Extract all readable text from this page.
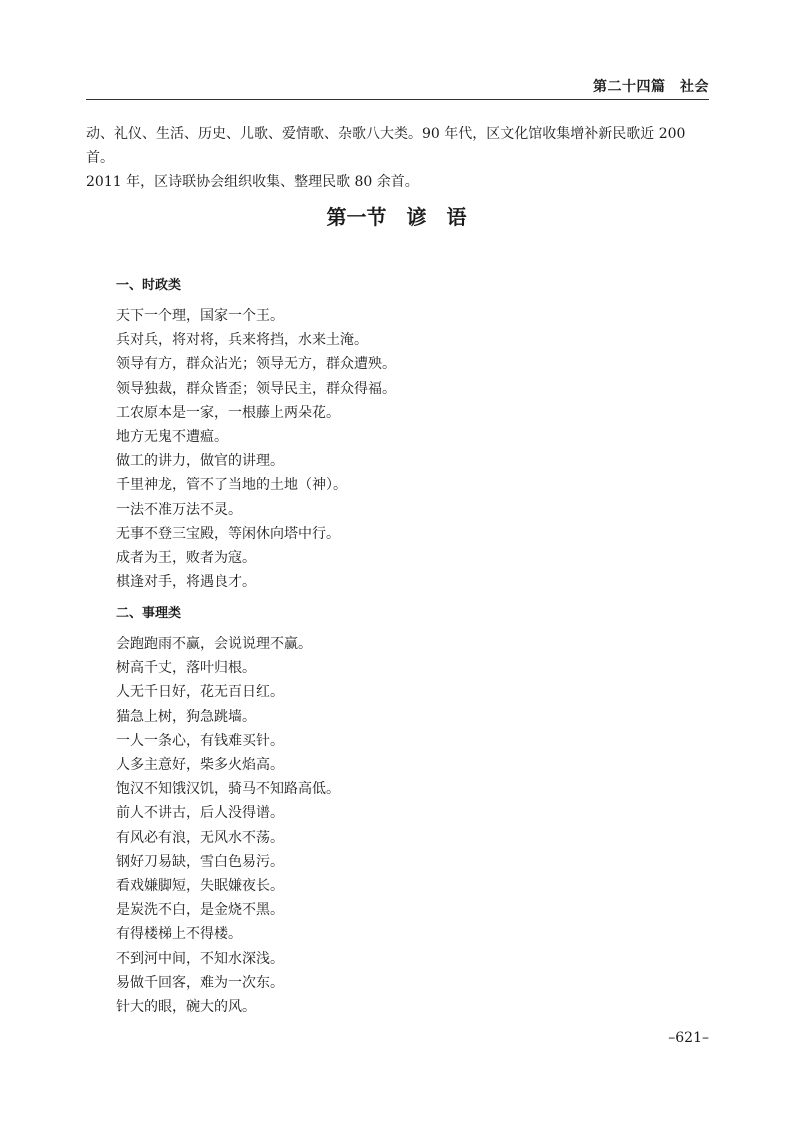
第二十四篇　社会

动、礼仪、生活、历史、儿歌、爱情歌、杂歌八大类。90 年代，区文化馆收集增补新民歌近 200 首。

2011 年，区诗联协会组织收集、整理民歌 80 余首。

第一节　谚　语
一、时政类
天下一个理，国家一个王。
兵对兵，将对将，兵来将挡，水来土淹。
领导有方，群众沾光；领导无方，群众遭殃。
领导独裁，群众皆歪；领导民主，群众得福。
工农原本是一家，一根藤上两朵花。
地方无鬼不遭瘟。
做工的讲力，做官的讲理。
千里神龙，管不了当地的土地（神）。
一法不准万法不灵。
无事不登三宝殿，等闲休向塔中行。
成者为王，败者为寇。
棋逢对手，将遇良才。
二、事理类
会跑跑雨不赢，会说说理不赢。
树高千丈，落叶归根。
人无千日好，花无百日红。
猫急上树，狗急跳墙。
一人一条心，有钱难买针。
人多主意好，柴多火焰高。
饱汉不知饿汉饥，骑马不知路高低。
前人不讲古，后人没得谱。
有风必有浪，无风水不荡。
钢好刀易缺，雪白色易污。
看戏嫌脚短，失眠嫌夜长。
是炭洗不白，是金烧不黑。
有得楼梯上不得楼。
不到河中间，不知水深浅。
易做千回客，难为一次东。
针大的眼，碗大的风。
–621–
